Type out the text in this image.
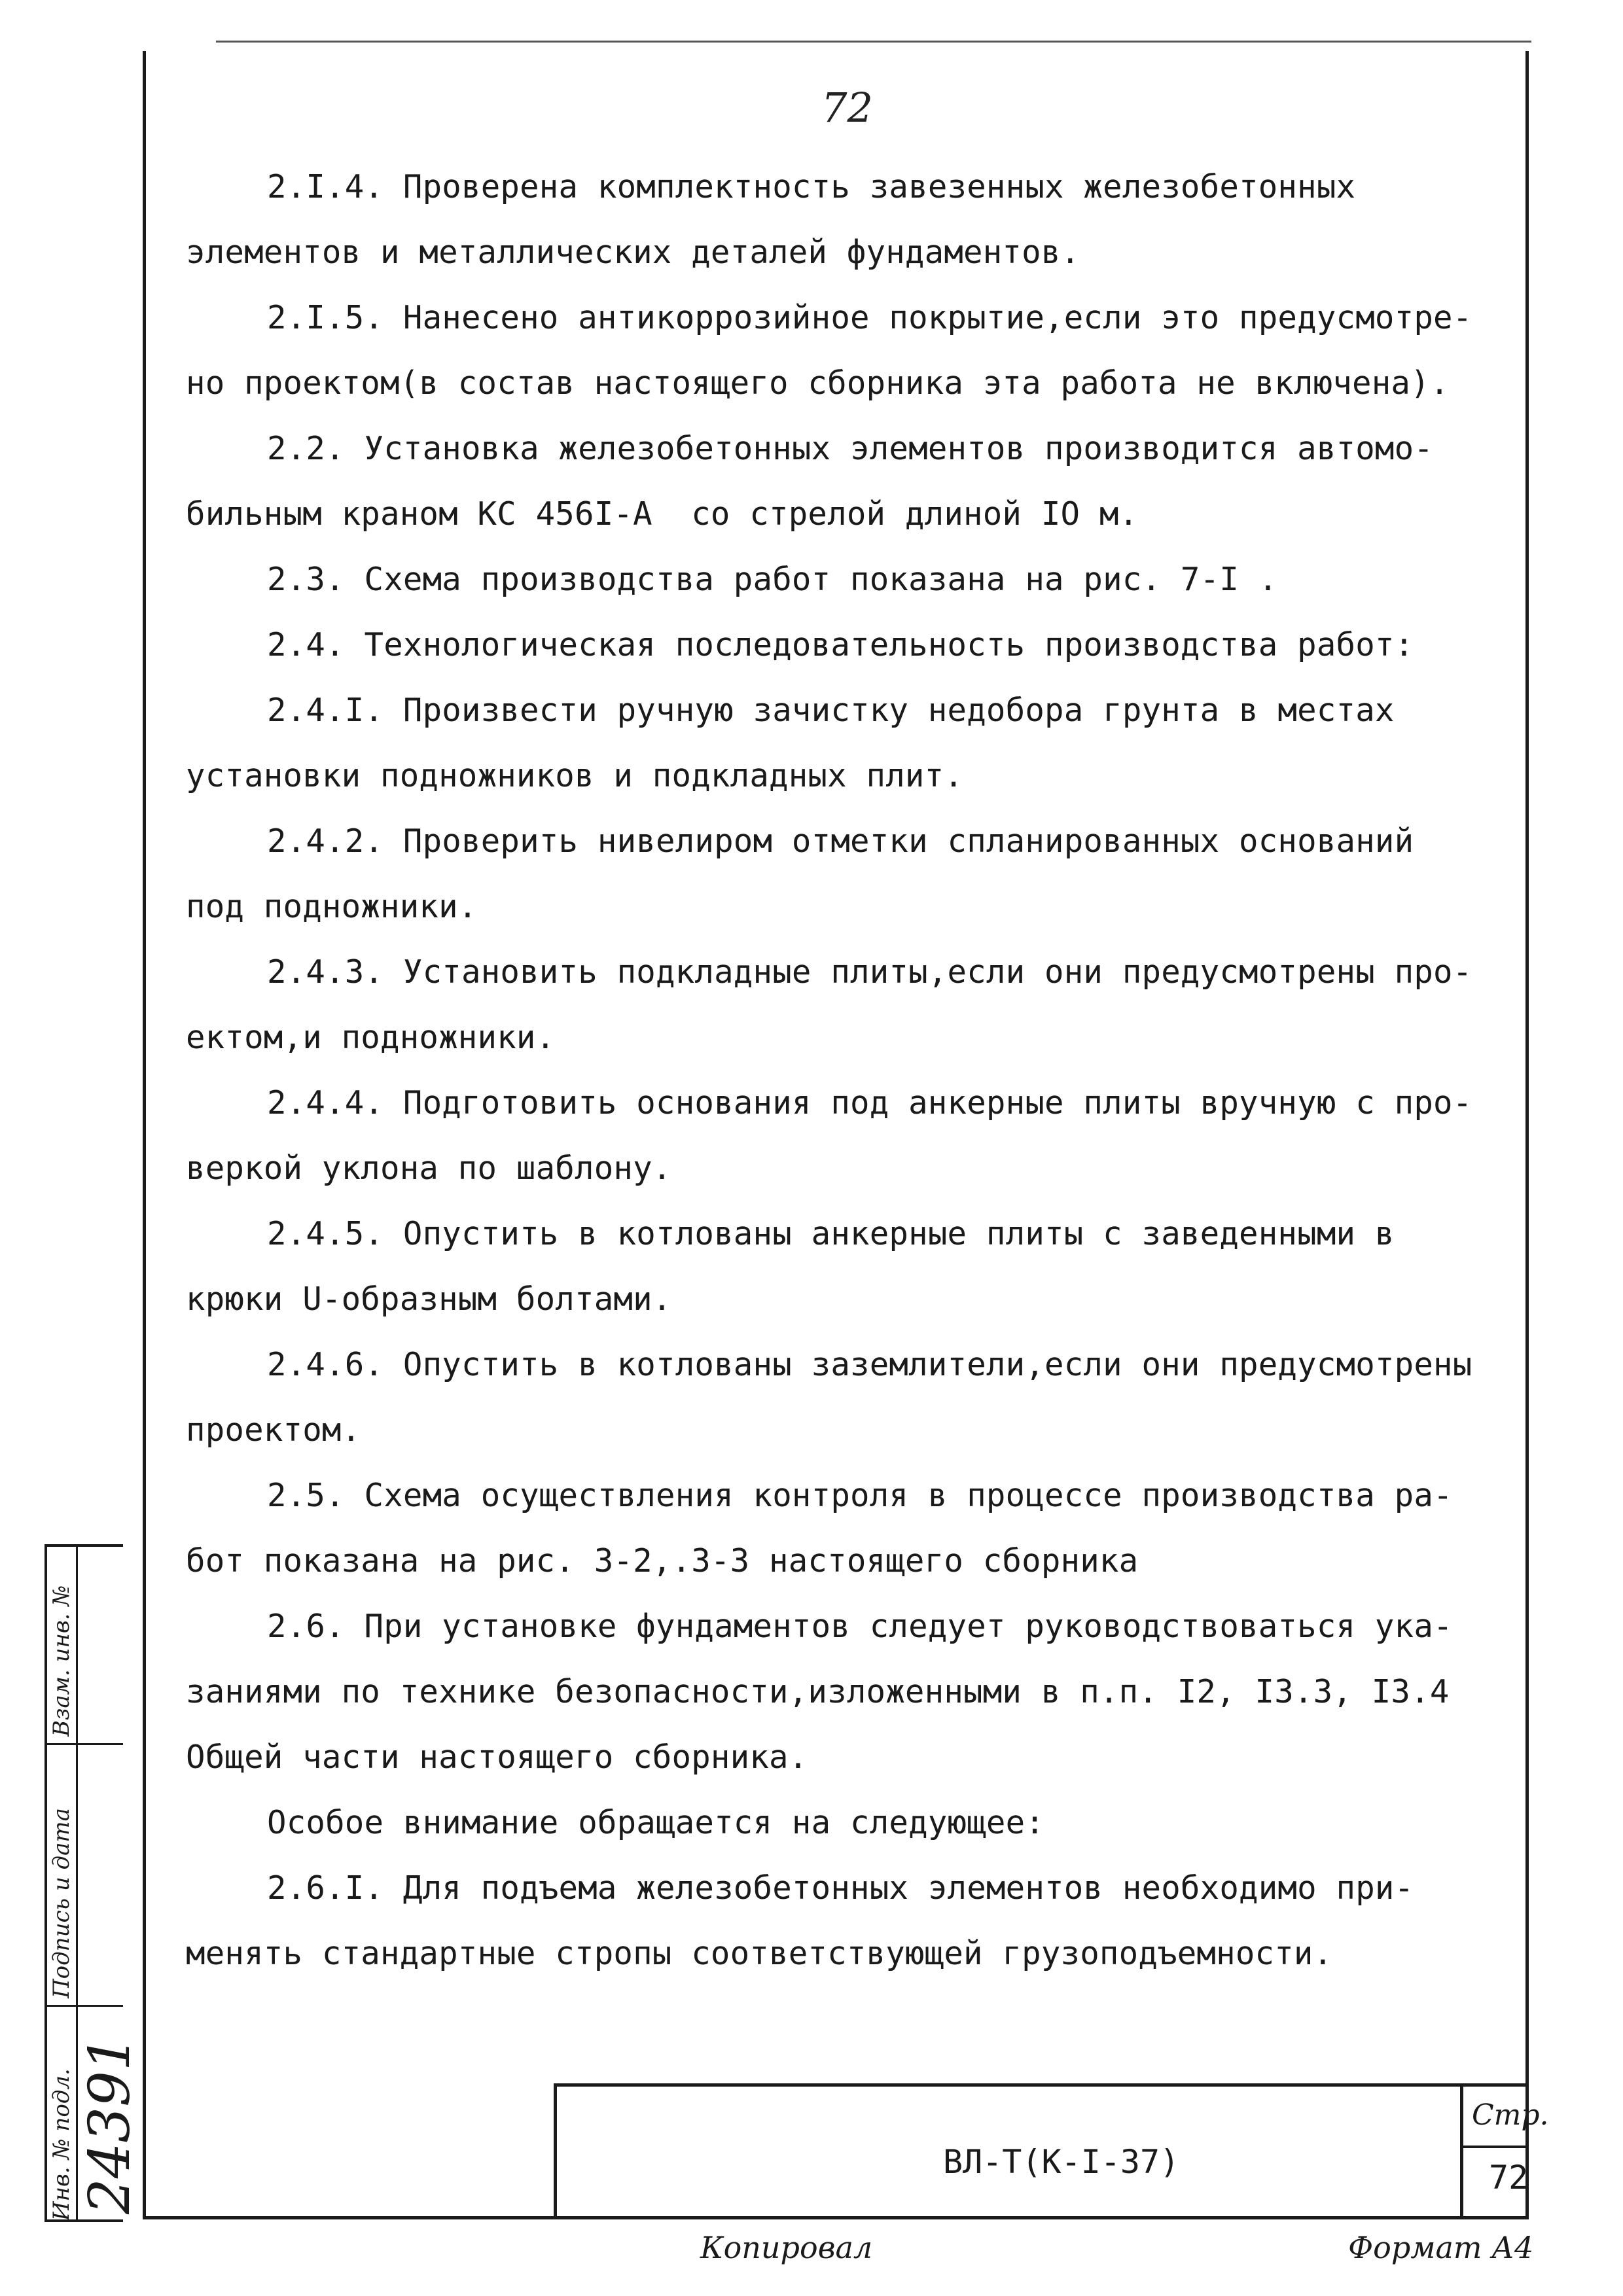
72

2.I.4. Проверена комплектность завезенных железобетонных

элементов и металлических деталей фундаментов.

2.I.5. Нанесено антикоррозийное покрытие,если это предусмотре-

но проектом(в состав настоящего сборника эта работа не включена).

2.2. Установка железобетонных элементов производится автомо-

бильным краном КС 456I-А  со стрелой длиной IO м.

2.3. Схема производства работ показана на рис. 7-I .

2.4. Технологическая последовательность производства работ:

2.4.I. Произвести ручную зачистку недобора грунта в местах

установки подножников и подкладных плит.

2.4.2. Проверить нивелиром отметки спланированных оснований

под подножники.

2.4.3. Установить подкладные плиты,если они предусмотрены про-

ектом,и подножники.

2.4.4. Подготовить основания под анкерные плиты вручную с про-

веркой уклона по шаблону.

2.4.5. Опустить в котлованы анкерные плиты с заведенными в

крюки U-образным болтами.

2.4.6. Опустить в котлованы заземлители,если они предусмотрены

проектом.

2.5. Схема осуществления контроля в процессе производства ра-

бот показана на рис. 3-2,.3-3 настоящего сборника

2.6. При установке фундаментов следует руководствоваться ука-

заниями по технике безопасности,изложенными в п.п. I2, I3.3, I3.4

Общей части настоящего сборника.

Особое внимание обращается на следующее:

2.6.I. Для подъема железобетонных элементов необходимо при-

менять стандартные стропы соответствующей грузоподъемности.

Взам. инв. №
Подпись и дата
Инв. № подл. 24391	ВЛ-Т(К-I-37)
Стр.
72
Копировал	Формат А4
